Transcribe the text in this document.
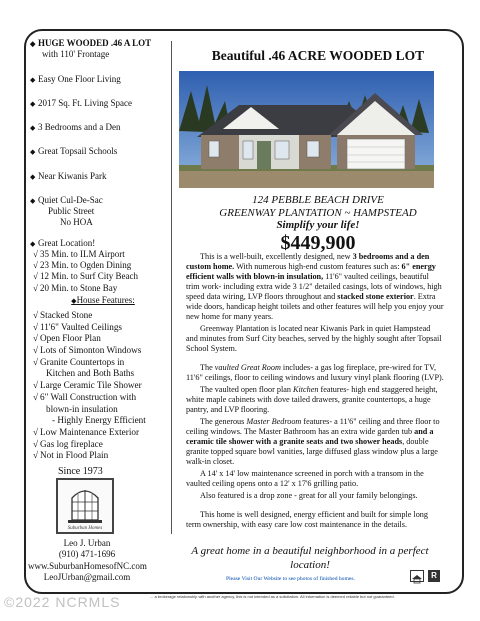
◆ HUGE WOODED .46 A LOT
with 110' Frontage
◆ Easy One Floor Living
◆ 2017 Sq. Ft. Living Space
◆ 3 Bedrooms and a Den
◆ Great Topsail Schools
◆ Near Kiwanis Park
◆ Quiet Cul-De-Sac
Public Street
No HOA
◆ Great Location!
√ 35 Min. to ILM Airport
√ 23 Min. to Ogden Dining
√ 12 Min. to Surf City Beach
√ 20 Min. to Stone Bay
◆ House Features:
√ Stacked Stone
√ 11'6" Vaulted Ceilings
√ Open Floor Plan
√ Lots of Simonton Windows
√ Granite Countertops in
Kitchen and Both Baths
√ Large Ceramic Tile Shower
√ 6" Wall Construction with
blown-in insulation
- Highly Energy Efficient
√ Low Maintenance Exterior
√ Gas log fireplace
√ Not in Flood Plain
Since 1973
Suburban Homes
Leo J. Urban
(910) 471-1696
www.SuburbanHomesofNC.com
LeoJUrban@gmail.com
Beautiful .46 ACRE WOODED LOT
124 PEBBLE BEACH DRIVE
GREENWAY PLANTATION ~ HAMPSTEAD
Simplify your life!
$449,900

This is a well-built, excellently designed, new 3 bedrooms and a den custom home. With numerous high-end custom features such as: 6" energy efficient walls with blown-in insulation, 11'6" vaulted ceilings, beautiful trim work- including extra wide 3 1/2" detailed casings, lots of windows, high speed data wiring, LVP floors throughout and stacked stone exterior. Extra wide doors, handicap height toilets and other features will help you enjoy your new home for many years.

Greenway Plantation is located near Kiwanis Park in quiet Hampstead and minutes from Surf City beaches, served by the highly sought after Topsail School System.

The vaulted Great Room includes- a gas log fireplace, pre-wired for TV, 11'6" ceilings, floor to ceiling windows and luxury vinyl plank flooring (LVP).

The vaulted open floor plan Kitchen features- high end staggered height, white maple cabinets with dove tailed drawers, granite countertops, a huge pantry, and LVP flooring.

The generous Master Bedroom features- a 11'6" ceiling and three floor to ceiling windows. The Master Bathroom has an extra wide garden tub and a ceramic tile shower with a granite seats and two shower heads, double granite topped square bowl vanities, large diffused glass window plus a large walk-in closet.

A 14' x 14' low maintenance screened in porch with a transom in the vaulted ceiling opens onto a 12' x 17'6 grilling patio.

Also featured is a drop zone - great for all your family belongings.

This home is well designed, energy efficient and built for simple long term ownership, with easy care low cost maintenance in the details.

A great home in a beautiful neighborhood in a perfect location!
Please Visit Our Website to see photos of finished homes.	R
... a brokerage relationship with another agency, this is not intended as a solicitation. All information is deemed reliable but not guaranteed.
©2022 NCRMLS
